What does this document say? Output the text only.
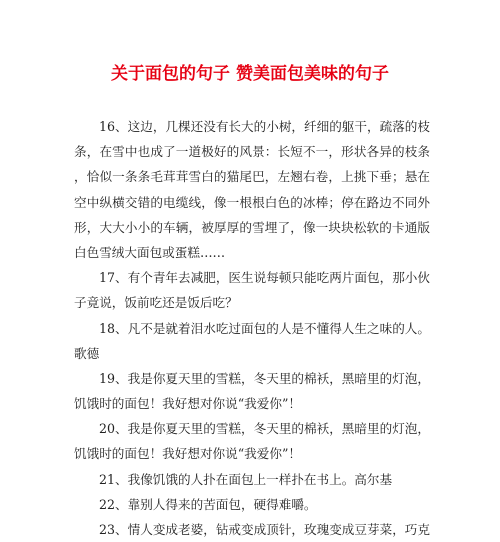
关于面包的句子 赞美面包美味的句子
16、这边，几棵还没有长大的小树，纤细的躯干，疏落的枝
条，在雪中也成了一道极好的风景：长短不一，形状各异的枝条
，恰似一条条毛茸茸雪白的猫尾巴，左翘右卷，上挑下垂；悬在
空中纵横交错的电缆线，像一根根白色的冰棒；停在路边不同外
形，大大小小的车辆，被厚厚的雪埋了，像一块块松软的卡通版
白色雪绒大面包或蛋糕……
17、有个青年去减肥，医生说每顿只能吃两片面包，那小伙
子竟说，饭前吃还是饭后吃？
18、凡不是就着泪水吃过面包的人是不懂得人生之味的人。
歌德
19、我是你夏天里的雪糕，冬天里的棉袄，黑暗里的灯泡，
饥饿时的面包！我好想对你说“我爱你”！
20、我是你夏天里的雪糕，冬天里的棉袄，黑暗里的灯泡，
饥饿时的面包！我好想对你说“我爱你”！
21、我像饥饿的人扑在面包上一样扑在书上。高尔基
22、靠别人得来的苦面包，硬得难嚼。
23、情人变成老婆，钻戒变成顶针，玫瑰变成豆芽菜，巧克
